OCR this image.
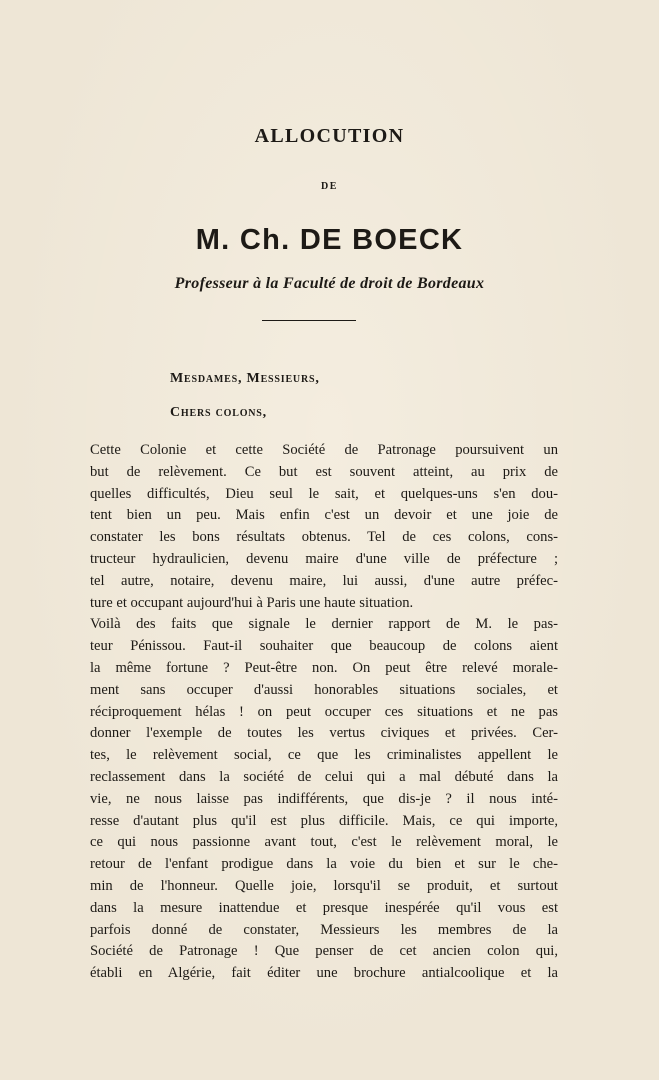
ALLOCUTION
DE
M. Ch. DE BOECK
Professeur à la Faculté de droit de Bordeaux
Mesdames, Messieurs,
Chers colons,

Cette Colonie et cette Société de Patronage poursuivent un
but de relèvement. Ce but est souvent atteint, au prix de
quelles difficultés, Dieu seul le sait, et quelques-uns s'en dou-
tent bien un peu. Mais enfin c'est un devoir et une joie de
constater les bons résultats obtenus. Tel de ces colons, cons-
tructeur hydraulicien, devenu maire d'une ville de préfecture ;
tel autre, notaire, devenu maire, lui aussi, d'une autre préfec-
ture et occupant aujourd'hui à Paris une haute situation.

Voilà des faits que signale le dernier rapport de M. le pas-
teur Pénissou. Faut-il souhaiter que beaucoup de colons aient
la même fortune ? Peut-être non. On peut être relevé morale-
ment sans occuper d'aussi honorables situations sociales, et
réciproquement hélas ! on peut occuper ces situations et ne pas
donner l'exemple de toutes les vertus civiques et privées. Cer-
tes, le relèvement social, ce que les criminalistes appellent le
reclassement dans la société de celui qui a mal débuté dans la
vie, ne nous laisse pas indifférents, que dis-je ? il nous inté-
resse d'autant plus qu'il est plus difficile. Mais, ce qui importe,
ce qui nous passionne avant tout, c'est le relèvement moral, le
retour de l'enfant prodigue dans la voie du bien et sur le che-
min de l'honneur. Quelle joie, lorsqu'il se produit, et surtout
dans la mesure inattendue et presque inespérée qu'il vous est
parfois donné de constater, Messieurs les membres de la
Société de Patronage ! Que penser de cet ancien colon qui,
établi en Algérie, fait éditer une brochure antialcoolique et la
